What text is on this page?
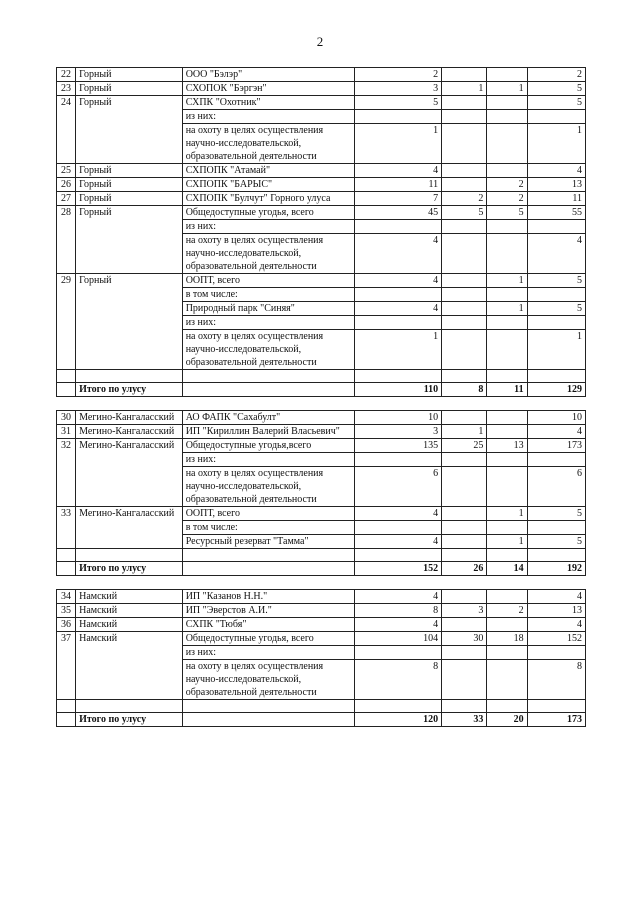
2
22	Горный	ООО "Бэлэр"	2			2
23	Горный	СХОПОК "Бэргэн"	3	1	1	5
24	Горный	СХПК "Охотник"	5			5
		из них:				
		на охоту в целях осуществления научно-исследовательской, образовательной деятельности	1			1
25	Горный	СХПОПК "Атамай"	4			4
26	Горный	СХПОПК "БАРЫС"	11		2	13
27	Горный	СХПОПК "Булчут" Горного улуса	7	2	2	11
28	Горный	Общедоступные угодья, всего	45	5	5	55
		из них:				
		на охоту в целях осуществления научно-исследовательской, образовательной деятельности	4			4
29	Горный	ООПТ, всего	4		1	5
		в том числе:				
		Природный парк "Синяя"	4		1	5
		из них:				
		на охоту в целях осуществления научно-исследовательской, образовательной деятельности	1			1

	Итого по улусу		110	8	11	129

30	Мегино-Кангаласский	АО ФАПК "Сахабулт"	10			10
31	Мегино-Кангаласский	ИП "Кириллин Валерий Власьевич"	3	1		4
32	Мегино-Кангаласский	Общедоступные угодья,всего	135	25	13	173
		из них:				
		на охоту в целях осуществления научно-исследовательской, образовательной деятельности	6			6
33	Мегино-Кангаласский	ООПТ, всего	4		1	5
		в том числе:				
		Ресурсный резерват "Тамма"	4		1	5

	Итого по улусу		152	26	14	192

34	Намский	ИП "Казанов Н.Н."	4			4
35	Намский	ИП "Эверстов А.И."	8	3	2	13
36	Намский	СХПК "Тюбя"	4			4
37	Намский	Общедоступные угодья, всего	104	30	18	152
		из них:				
		на охоту в целях осуществления научно-исследовательской, образовательной деятельности	8			8

	Итого по улусу		120	33	20	173
